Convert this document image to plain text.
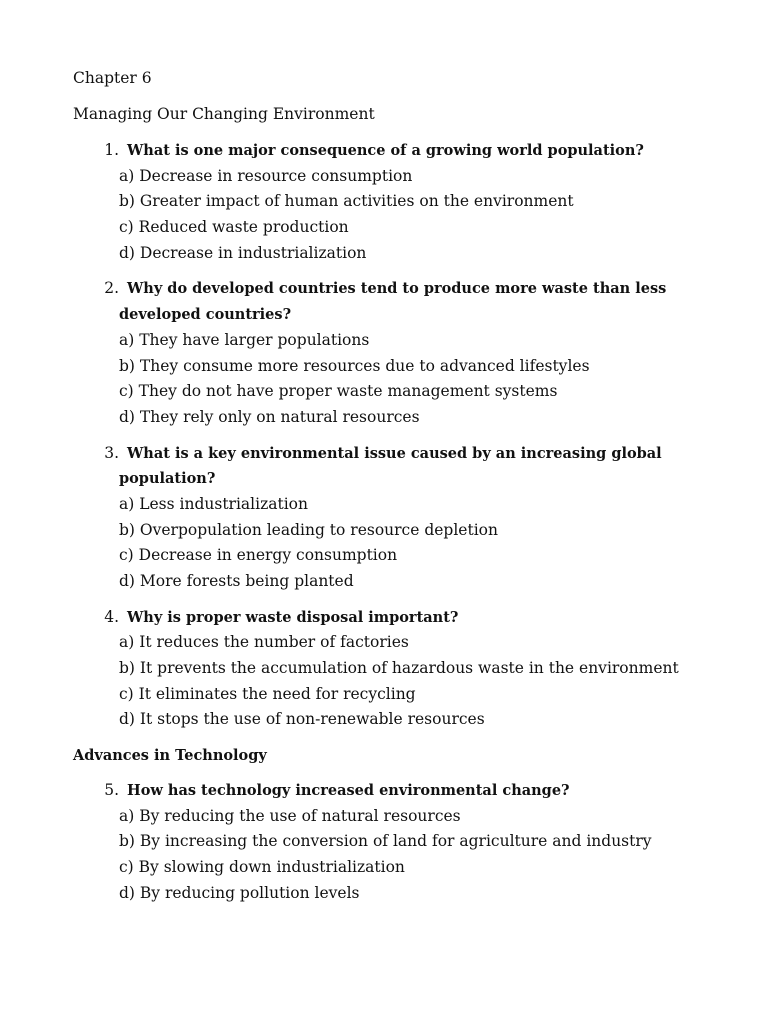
Chapter 6
Managing Our Changing Environment
1. What is one major consequence of a growing world population?
a) Decrease in resource consumption
b) Greater impact of human activities on the environment
c) Reduced waste production
d) Decrease in industrialization
2. Why do developed countries tend to produce more waste than less
developed countries?
a) They have larger populations
b) They consume more resources due to advanced lifestyles
c) They do not have proper waste management systems
d) They rely only on natural resources
3. What is a key environmental issue caused by an increasing global
population?
a) Less industrialization
b) Overpopulation leading to resource depletion
c) Decrease in energy consumption
d) More forests being planted
4. Why is proper waste disposal important?
a) It reduces the number of factories
b) It prevents the accumulation of hazardous waste in the environment
c) It eliminates the need for recycling
d) It stops the use of non-renewable resources
Advances in Technology
5. How has technology increased environmental change?
a) By reducing the use of natural resources
b) By increasing the conversion of land for agriculture and industry
c) By slowing down industrialization
d) By reducing pollution levels
